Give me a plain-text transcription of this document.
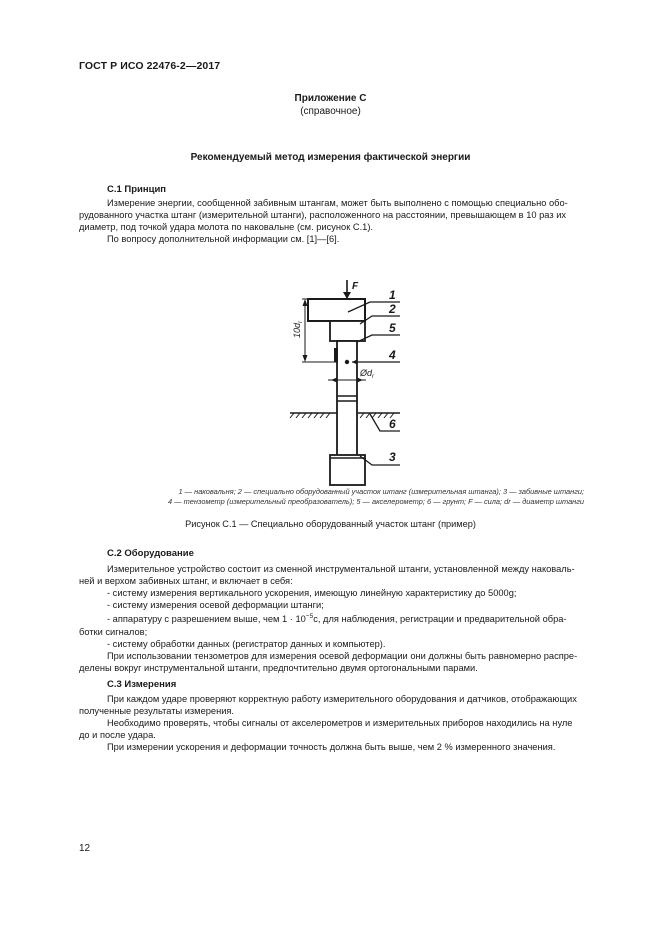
ГОСТ Р ИСО 22476-2—2017
Приложение С
(справочное)
Рекомендуемый метод измерения фактической энергии
С.1 Принцип

Измерение энергии, сообщенной забивным штангам, может быть выполнено с помощью специально обо-

рудованного участка штанг (измерительной штанги), расположенного на расстоянии, превышающем в 10 раз их

диаметр, под точкой удара молота по наковальне (см. рисунок С.1).

По вопросу дополнительной информации см. [1]—[6].

$10d_r$
$Ød_r$
F
1
2
5
4
6
3

1 — наковальня; 2 — специально оборудованный участок штанг (измерительная штанга); 3 — забивные штанги;

4 — тензометр (измерительный преобразователь); 5 — акселерометр; 6 — грунт; F — сила; dr — диаметр штанги

Рисунок С.1 — Специально оборудованный участок штанг (пример)
С.2 Оборудование

Измерительное устройство состоит из сменной инструментальной штанги, установленной между наковаль-

ней и верхом забивных штанг, и включает в себя:

- систему измерения вертикального ускорения, имеющую линейную характеристику до 5000g;

- систему измерения осевой деформации штанги;

- аппаратуру с разрешением выше, чем $1 \cdot 10^{-5}с$, для наблюдения, регистрации и предварительной обра-

ботки сигналов;

- систему обработки данных (регистратор данных и компьютер).

При использовании тензометров для измерения осевой деформации они должны быть равномерно распре-

делены вокруг инструментальной штанги, предпочтительно двумя ортогональными парами.

С.3 Измерения

При каждом ударе проверяют корректную работу измерительного оборудования и датчиков, отображающих

полученные результаты измерения.

Необходимо проверять, чтобы сигналы от акселерометров и измерительных приборов находились на нуле

до и после удара.

При измерении ускорения и деформации точность должна быть выше, чем 2 % измеренного значения.

12
